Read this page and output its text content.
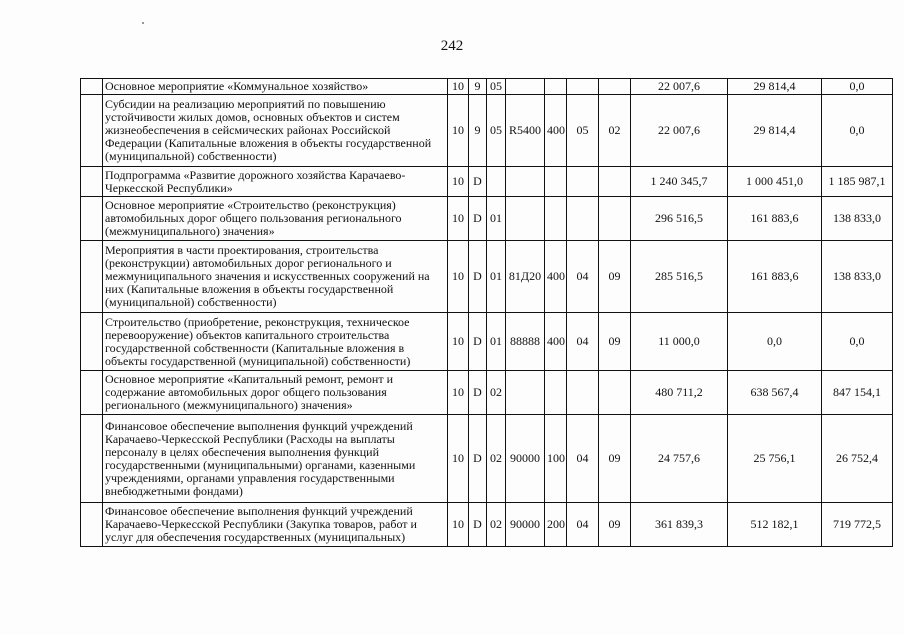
242
	Основное мероприятие «Коммунальное хозяйство»	10	9	05					22 007,6	29 814,4	0,0
	Субсидии на реализацию мероприятий по повышению устойчивости жилых домов, основных объектов и систем жизнеобеспечения в сейсмических районах Российской Федерации (Капитальные вложения в объекты государственной (муниципальной) собственности)	10	9	05	R5400	400	05	02	22 007,6	29 814,4	0,0
	Подпрограмма «Развитие дорожного хозяйства Карачаево-Черкесской Республики»	10	D						1 240 345,7	1 000 451,0	1 185 987,1
	Основное мероприятие «Строительство (реконструкция) автомобильных дорог общего пользования регионального (межмуниципального) значения»	10	D	01					296 516,5	161 883,6	138 833,0
	Мероприятия в части проектирования, строительства (реконструкции) автомобильных дорог регионального и межмуниципального значения и искусственных сооружений на них (Капитальные вложения в объекты государственной (муниципальной) собственности)	10	D	01	81Д20	400	04	09	285 516,5	161 883,6	138 833,0
	Строительство (приобретение, реконструкция, техническое перевооружение) объектов капитального строительства государственной собственности (Капитальные вложения в объекты государственной (муниципальной) собственности)	10	D	01	88888	400	04	09	11 000,0	0,0	0,0
	Основное мероприятие «Капитальный ремонт, ремонт и содержание автомобильных дорог общего пользования регионального (межмуниципального) значения»	10	D	02					480 711,2	638 567,4	847 154,1
	Финансовое обеспечение выполнения функций учреждений Карачаево-Черкесской Республики (Расходы на выплаты персоналу в целях обеспечения выполнения функций государственными (муниципальными) органами, казенными учреждениями, органами управления государственными внебюджетными фондами)	10	D	02	90000	100	04	09	24 757,6	25 756,1	26 752,4
	Финансовое обеспечение выполнения функций учреждений Карачаево-Черкесской Республики (Закупка товаров, работ и услуг для обеспечения государственных (муниципальных)	10	D	02	90000	200	04	09	361 839,3	512 182,1	719 772,5
